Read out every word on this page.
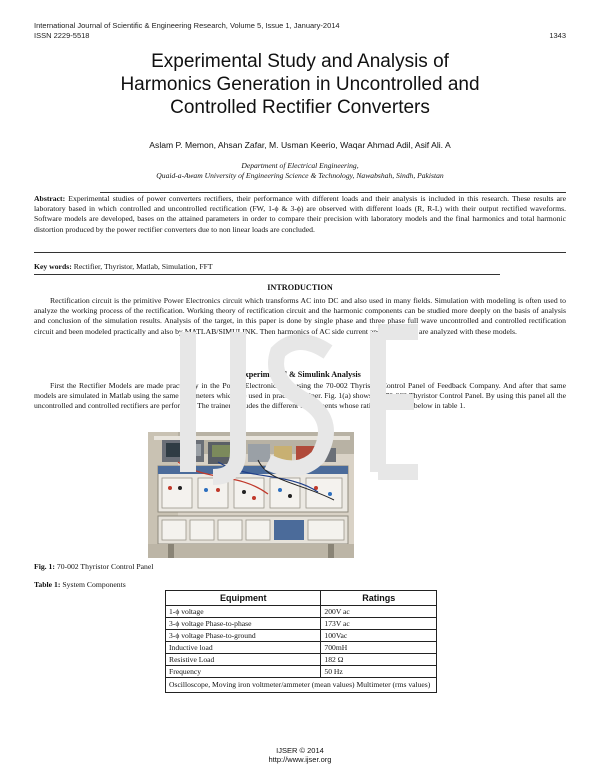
International Journal of Scientific & Engineering Research, Volume 5, Issue 1, January-2014
ISSN 2229-5518	1343
Experimental Study and Analysis of
Harmonics Generation in Uncontrolled and
Controlled Rectifier Converters
Aslam P. Memon, Ahsan Zafar, M. Usman Keerio, Waqar Ahmad Adil, Asif Ali. A
Department of Electrical Engineering,
Quaid-a-Awam University of Engineering Science & Technology, Nawabshah, Sindh, Pakistan
Abstract: Experimental studies of power converters rectifiers, their performance with different loads and their analysis is included in this research. These results are laboratory based in which controlled and uncontrolled rectification (FW, 1-ϕ & 3-ϕ) are observed with different loads (R, R-L) with their output rectified waveforms. Software models are developed, bases on the attained parameters in order to compare their precision with laboratory models and the final harmonics and total harmonic distortion produced by the power rectifier converters due to non linear loads are concluded.
Key words: Rectifier, Thyristor, Matlab, Simulation, FFT
INTRODUCTION
Rectification circuit is the primitive Power Electronics circuit which transforms AC into DC and also used in many fields. Simulation with modeling is often used to analyze the working process of the rectification. Working theory of rectification circuit and the harmonic components can be studied more deeply on the basis of analysis and conclusion of the simulation results. Analysis of the target, in this paper is done by single phase and three phase full wave uncontrolled and controlled rectification circuit and been modeled practically and also by MATLAB/SIMULINK. Then harmonics of AC side current and waveforms are analyzed with these models.
Experimental & Simulink Analysis
First the Rectifier Models are made practically in the Power Electronics lab using the 70-002 Thyristor Control Panel of Feedback Company. And after that same models are simulated in Matlab using the same parameters which are used in practical trainer. Fig. 1(a) shows the 70-002 Thyristor Control Panel. By using this panel all the uncontrolled and controlled rectifiers are performed. The trainer includes the different components whose ratings are given below in table 1.
Fig. 1: 70-002 Thyristor Control Panel
Table 1: System Components
Equipment	Ratings
1-ϕ voltage	200V ac
3-ϕ voltage Phase-to-phase	173V ac
3-ϕ voltage Phase-to-ground	100Vac
Inductive load	700mH
Resistive Load	182 Ω
Frequency	50 Hz
Oscilloscope, Moving iron voltmeter/ammeter (mean values) Multimeter (rms values)	
IJSER © 2014
http://www.ijser.org
